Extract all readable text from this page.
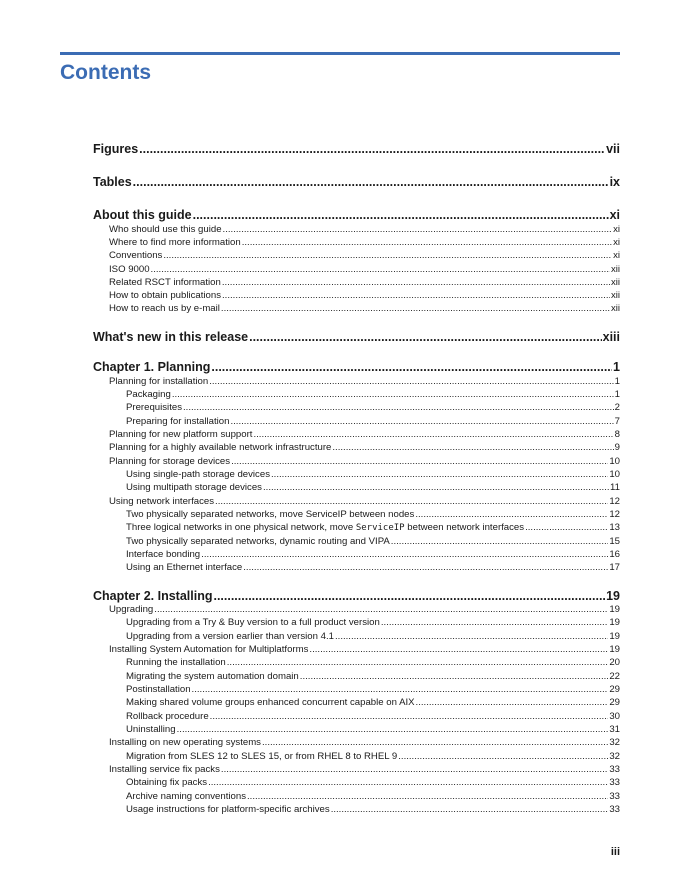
Contents
Figures .....	vii
Tables .....	ix
About this guide .....	xi
Who should use this guide .....	xi
Where to find more information .....	xi
Conventions .....	xi
ISO 9000 .....	xii
Related RSCT information .....	xii
How to obtain publications .....	xii
How to reach us by e-mail .....	xii
What's new in this release .....	xiii
Chapter 1. Planning .....	1
Planning for installation .....	1
Packaging .....	1
Prerequisites .....	2
Preparing for installation .....	7
Planning for new platform support .....	8
Planning for a highly available network infrastructure .....	9
Planning for storage devices .....	10
Using single-path storage devices .....	10
Using multipath storage devices .....	11
Using network interfaces .....	12
Two physically separated networks, move ServiceIP between nodes .....	12
Three logical networks in one physical network, move ServiceIP between network interfaces .....	13
Two physically separated networks, dynamic routing and VIPA .....	15
Interface bonding .....	16
Using an Ethernet interface .....	17
Chapter 2. Installing .....	19
Upgrading .....	19
Upgrading from a Try & Buy version to a full product version .....	19
Upgrading from a version earlier than version 4.1 .....	19
Installing System Automation for Multiplatforms .....	19
Running the installation .....	20
Migrating the system automation domain .....	22
Postinstallation .....	29
Making shared volume groups enhanced concurrent capable on AIX .....	29
Rollback procedure .....	30
Uninstalling .....	31
Installing on new operating systems .....	32
Migration from SLES 12 to SLES 15, or from RHEL 8 to RHEL 9 .....	32
Installing service fix packs .....	33
Obtaining fix packs .....	33
Archive naming conventions .....	33
Usage instructions for platform-specific archives .....	33
iii
